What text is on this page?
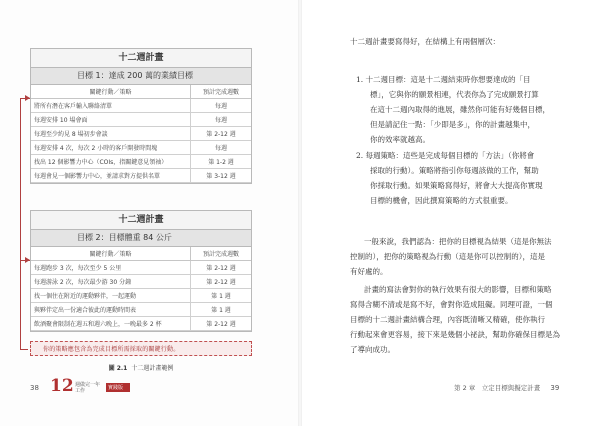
十二週計畫
目標 1：達成 200 萬的業績目標
關鍵行動／策略	預計完成週數
將所有潛在客戶輸入聯絡清單	每週
每週安排 10 場會面	每週
每週至少約見 8 場初步會談	第 2-12 週
每週安排 4 次，每次 2 小時的客戶開發時間塊	每週
找出 12 個影響力中心（COIs，指關鍵意見領袖）	第 1-2 週
每週會見一個影響力中心，並請求對方提供名單	第 3-12 週
十二週計畫
目標 2：目標體重 84 公斤
關鍵行動／策略	預計完成週數
每週跑步 3 次，每次至少 5 公里	第 2-12 週
每週游泳 2 次，每次最少游 30 分鐘	第 2-12 週
找一個住在附近的運動夥伴，一起運動	第 1 週
與夥伴定出一份適合彼此的運動時間表	第 1 週
飲酒聚會限制在週五和週六晚上，一晚最多 2 杯	第 2-12 週
你的策略應包含為完成目標所需採取的關鍵行動。
圖 2.1 十二週計畫範例
38 12 週做完一年工作	實踐版

十二週計畫要寫得好，在結構上有兩個層次：

1. 十二週目標：這是十二週結束時你想要達成的「目

標」，它與你的願景相連，代表你為了完成願景打算

在這十二週內取得的進展，雖然你可能有好幾個目標，

但是請記住一點：「少即是多」，你的計畫越集中，

你的效率就越高。

2. 每週策略：這些是完成每個目標的「方法」（你將會

採取的行動）。策略將指引你每週該做的工作，幫助

你採取行動。如果策略寫得好，將會大大提高你實現

目標的機會，因此撰寫策略的方式很重要。

一般來說，我們認為：把你的目標視為結果（這是你無法

控制的），把你的策略視為行動（這是你可以控制的），這是

有好處的。

計畫的寫法會對你的執行效果有很大的影響，目標和策略

寫得含糊不清或是寫不好，會對你造成阻礙。同理可證，一個

目標的十二週計畫結構合理，內容既清晰又精確，使你執行

行動起來會更容易，接下來是幾個小祕訣，幫助你確保目標是為

了導向成功。

第 2 章　立定目標與擬定計畫 39
